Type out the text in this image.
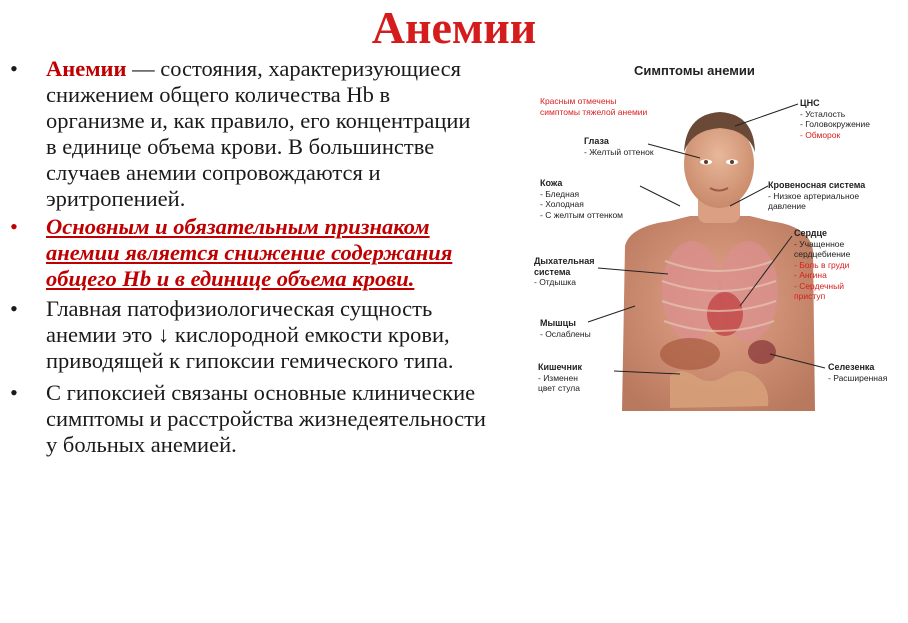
Анемии
• Анемии — состояния, характеризующиеся снижением общего количества Hb в организме и, как правило, его концентрации в единице объема крови. В большинстве случаев анемии сопровождаются и эритропенией.
• Основным и обязательным признаком анемии является снижение содержания общего Hb и в единице объема крови.
• Главная патофизиологическая сущность анемии это ↓ кислородной емкости крови, приводящей к гипоксии гемического типа.
• С гипоксией связаны основные клинические симптомы и расстройства жизнедеятельности у больных анемией.
Симптомы анемии
Красным отмечены
симптомы тяжелой анемии
Глаза
- Желтый оттенок
Кожа
- Бледная
- Холодная
- С желтым оттенком
Дыхательная
система
- Отдышка
Мышцы
- Ослаблены
Кишечник
- Изменен
цвет стула
ЦНС
- Усталость
- Головокружение
- Обморок
Кровеносная система
- Низкое артериальное
давление
Сердце
- Учащенное
сердцебиение
- Боль в груди
- Ангина
- Сердечный
приступ
Селезенка
- Расширенная
